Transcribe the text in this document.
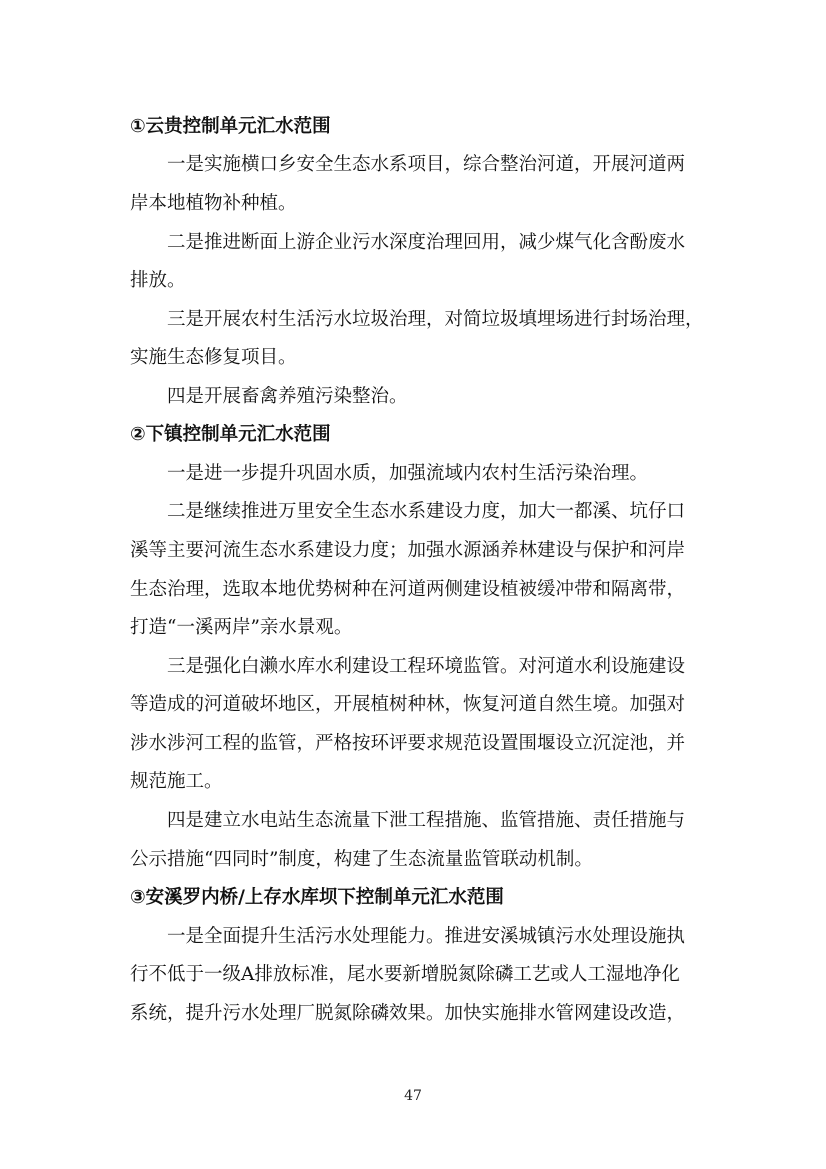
①云贵控制单元汇水范围
一是实施横口乡安全生态水系项目，综合整治河道，开展河道两
岸本地植物补种植。
二是推进断面上游企业污水深度治理回用，减少煤气化含酚废水
排放。
三是开展农村生活污水垃圾治理，对简垃圾填埋场进行封场治理，
实施生态修复项目。
四是开展畜禽养殖污染整治。
②下镇控制单元汇水范围
一是进一步提升巩固水质，加强流域内农村生活污染治理。
二是继续推进万里安全生态水系建设力度，加大一都溪、坑仔口
溪等主要河流生态水系建设力度；加强水源涵养林建设与保护和河岸
生态治理，选取本地优势树种在河道两侧建设植被缓冲带和隔离带，
打造“一溪两岸”亲水景观。
三是强化白濑水库水利建设工程环境监管。对河道水利设施建设
等造成的河道破坏地区，开展植树种林，恢复河道自然生境。加强对
涉水涉河工程的监管，严格按环评要求规范设置围堰设立沉淀池，并
规范施工。
四是建立水电站生态流量下泄工程措施、监管措施、责任措施与
公示措施“四同时”制度，构建了生态流量监管联动机制。
③安溪罗内桥/上存水库坝下控制单元汇水范围
一是全面提升生活污水处理能力。推进安溪城镇污水处理设施执
行不低于一级A排放标准，尾水要新增脱氮除磷工艺或人工湿地净化
系统，提升污水处理厂脱氮除磷效果。加快实施排水管网建设改造，
47
